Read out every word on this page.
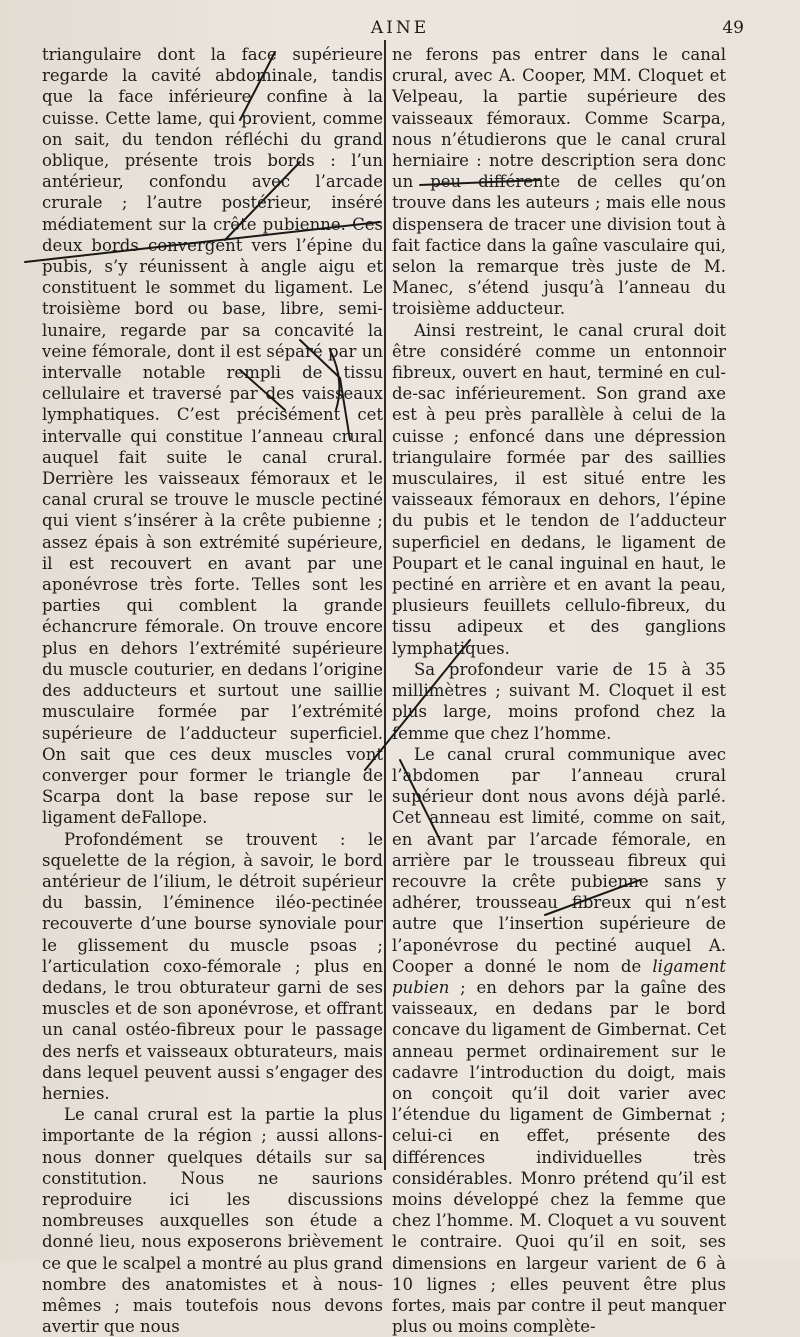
AINE	49

triangulaire dont la face supérieure regarde la cavité abdominale, tandis que la face inférieure confine à la cuisse. Cette lame, qui provient, comme on sait, du tendon réfléchi du grand oblique, présente trois bords : l’un antérieur, confondu avec l’arcade crurale ; l’autre postérieur, inséré médiatement sur la crête pubienne. Ces deux bords convergent vers l’épine du pubis, s’y réunissent à angle aigu et constituent le sommet du ligament. Le troisième bord ou base, libre, semi-lunaire, regarde par sa concavité la veine fémorale, dont il est séparé par un intervalle notable rempli de tissu cellulaire et traversé par des vaisseaux lymphatiques. C’est précisément cet intervalle qui constitue l’anneau crural auquel fait suite le canal crural. Derrière les vaisseaux fémoraux et le canal crural se trouve le muscle pectiné qui vient s’insérer à la crête pubienne ; assez épais à son extrémité supérieure, il est recouvert en avant par une aponévrose très forte. Telles sont les parties qui comblent la grande échancrure fémorale. On trouve encore plus en dehors l’extrémité supérieure du muscle couturier, en dedans l’origine des adducteurs et surtout une saillie musculaire formée par l’extrémité supérieure de l’adducteur superficiel. On sait que ces deux muscles vont converger pour former le triangle de Scarpa dont la base repose sur le ligament deFallope.

Profondément se trouvent : le squelette de la région, à savoir, le bord antérieur de l’ilium, le détroit supérieur du bassin, l’éminence iléo-pectinée recouverte d’une bourse synoviale pour le glissement du muscle psoas ; l’articulation coxo-fémorale ; plus en dedans, le trou obturateur garni de ses muscles et de son aponévrose, et offrant un canal ostéo-fibreux pour le passage des nerfs et vaisseaux obturateurs, mais dans lequel peuvent aussi s’engager des hernies.

Le canal crural est la partie la plus importante de la région ; aussi allons-nous donner quelques détails sur sa constitution. Nous ne saurions reproduire ici les discussions nombreuses auxquelles son étude a donné lieu, nous exposerons brièvement ce que le scalpel a montré au plus grand nombre des anatomistes et à nous-mêmes ; mais toutefois nous devons avertir que nous

ne ferons pas entrer dans le canal crural, avec A. Cooper, MM. Cloquet et Velpeau, la partie supérieure des vaisseaux fémoraux. Comme Scarpa, nous n’étudierons que le canal crural herniaire : notre description sera donc un peu différente de celles qu’on trouve dans les auteurs ; mais elle nous dispensera de tracer une division tout à fait factice dans la gaîne vasculaire qui, selon la remarque très juste de M. Manec, s’étend jusqu’à l’anneau du troisième adducteur.

Ainsi restreint, le canal crural doit être considéré comme un entonnoir fibreux, ouvert en haut, terminé en cul-de-sac inférieurement. Son grand axe est à peu près parallèle à celui de la cuisse ; enfoncé dans une dépression triangulaire formée par des saillies musculaires, il est situé entre les vaisseaux fémoraux en dehors, l’épine du pubis et le tendon de l’adducteur superficiel en dedans, le ligament de Poupart et le canal inguinal en haut, le pectiné en arrière et en avant la peau, plusieurs feuillets cellulo-fibreux, du tissu adipeux et des ganglions lymphatiques.

Sa profondeur varie de 15 à 35 millimètres ; suivant M. Cloquet il est plus large, moins profond chez la femme que chez l’homme.

Le canal crural communique avec l’abdomen par l’anneau crural supérieur dont nous avons déjà parlé. Cet anneau est limité, comme on sait, en avant par l’arcade fémorale, en arrière par le trousseau fibreux qui recouvre la crête pubienne sans y adhérer, trousseau fibreux qui n’est autre que l’insertion supérieure de l’aponévrose du pectiné auquel A. Cooper a donné le nom de ligament pubien ; en dehors par la gaîne des vaisseaux, en dedans par le bord concave du ligament de Gimbernat. Cet anneau permet ordinairement sur le cadavre l’introduction du doigt, mais on conçoit qu’il doit varier avec l’étendue du ligament de Gimbernat ; celui-ci en effet, présente des différences individuelles très considérables. Monro prétend qu’il est moins développé chez la femme que chez l’homme. M. Cloquet a vu souvent le contraire. Quoi qu’il en soit, ses dimensions en largeur varient de 6 à 10 lignes ; elles peuvent être plus fortes, mais par contre il peut manquer plus ou moins complète-
